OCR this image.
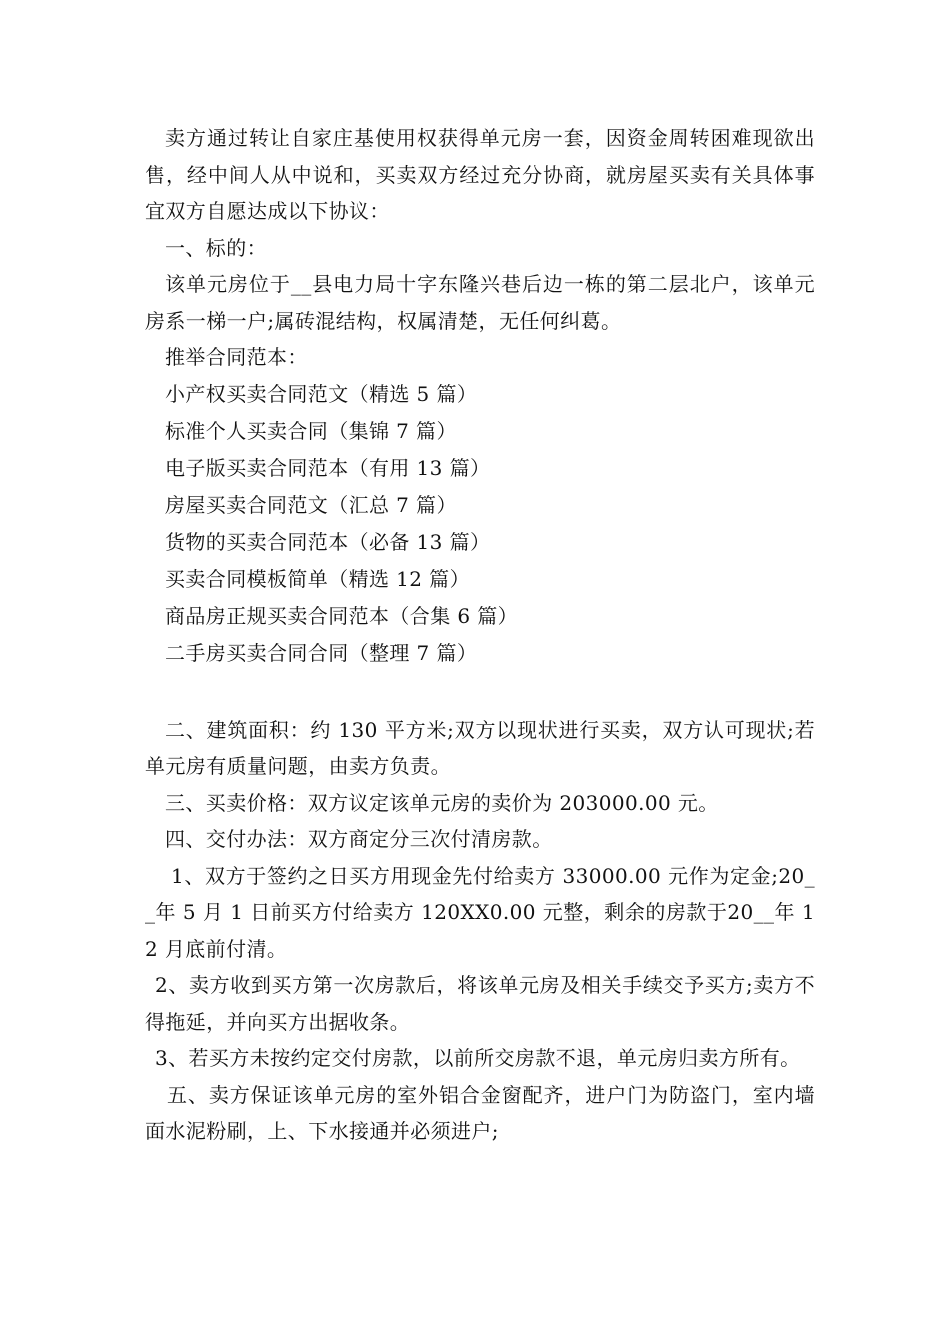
卖方通过转让自家庄基使用权获得单元房一套，因资金周转困难现欲出售，经中间人从中说和，买卖双方经过充分协商，就房屋买卖有关具体事宜双方自愿达成以下协议：

一、标的：

该单元房位于__县电力局十字东隆兴巷后边一栋的第二层北户，该单元房系一梯一户;属砖混结构，权属清楚，无任何纠葛。

推举合同范本：

小产权买卖合同范文（精选 5 篇）

标准个人买卖合同（集锦 7 篇）

电子版买卖合同范本（有用 13 篇）

房屋买卖合同范文（汇总 7 篇）

货物的买卖合同范本（必备 13 篇）

买卖合同模板简单（精选 12 篇）

商品房正规买卖合同范本（合集 6 篇）

二手房买卖合同合同（整理 7 篇）

二、建筑面积：约 130 平方米;双方以现状进行买卖，双方认可现状;若单元房有质量问题，由卖方负责。

三、买卖价格：双方议定该单元房的卖价为 203000.00 元。

四、交付办法：双方商定分三次付清房款。

1、双方于签约之日买方用现金先付给卖方 33000.00 元作为定金;20__年 5 月 1 日前买方付给卖方 120XX0.00 元整，剩余的房款于20__年 12 月底前付清。

2、卖方收到买方第一次房款后，将该单元房及相关手续交予买方;卖方不得拖延，并向买方出据收条。

3、若买方未按约定交付房款，以前所交房款不退，单元房归卖方所有。

五、卖方保证该单元房的室外铝合金窗配齐，进户门为防盗门，室内墙面水泥粉刷，上、下水接通并必须进户;
